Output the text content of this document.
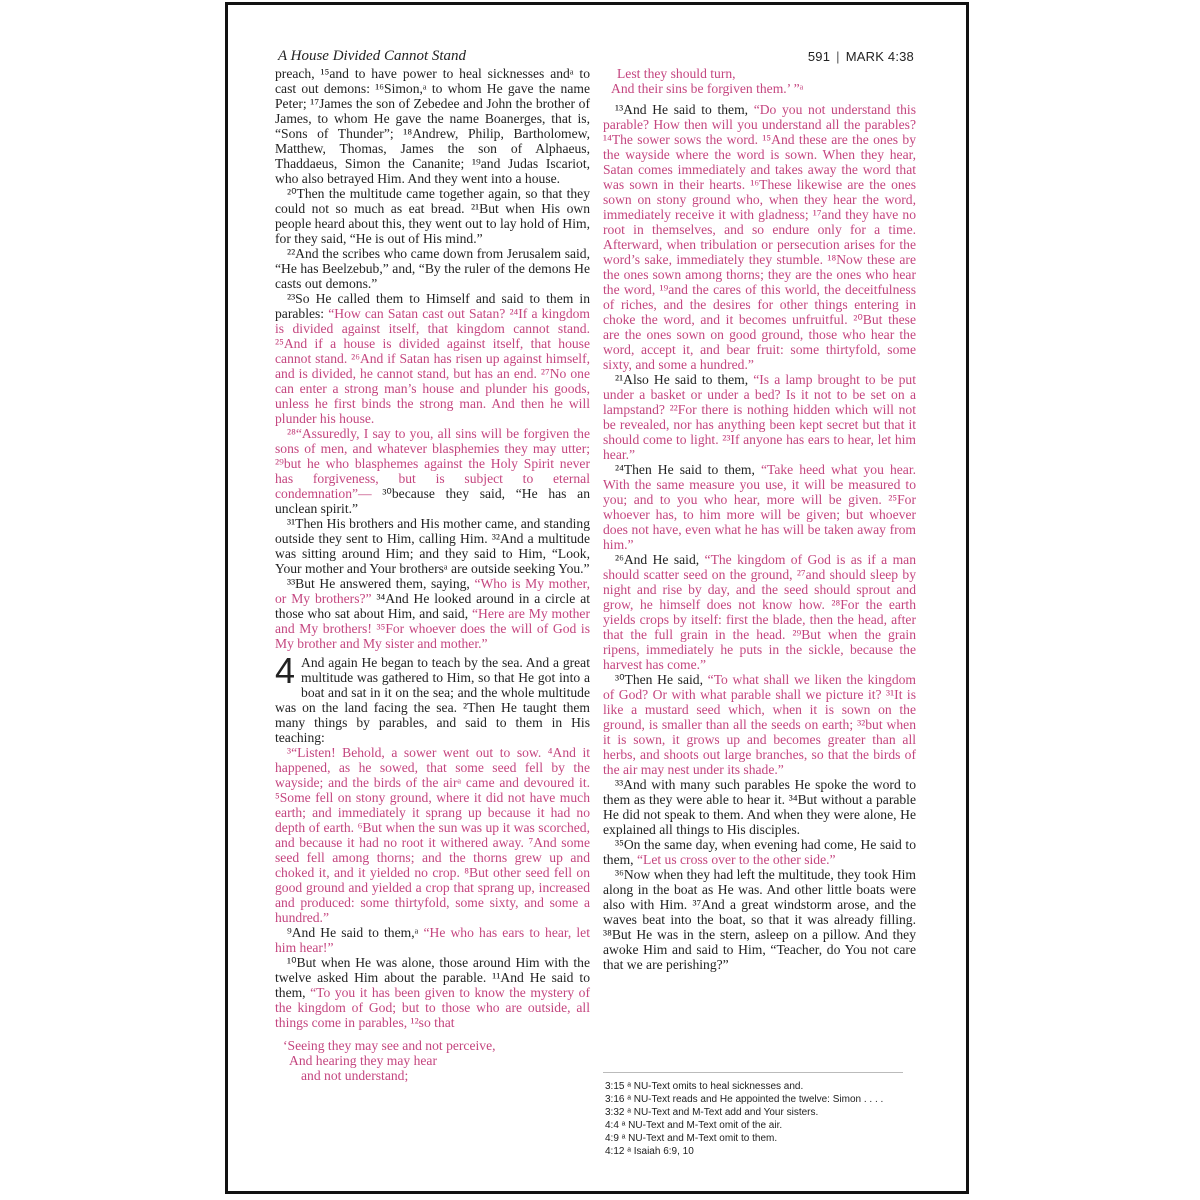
A House Divided Cannot Stand	591 | MARK 4:38

preach, ¹⁵and to have power to heal sicknesses andᵃ to cast out demons: ¹⁶Simon,ᵃ to whom He gave the name Peter; ¹⁷James the son of Zebedee and John the brother of James, to whom He gave the name Boanerges, that is, “Sons of Thunder”; ¹⁸Andrew, Philip, Bartholomew, Matthew, Thomas, James the son of Alphaeus, Thaddaeus, Simon the Cananite; ¹⁹and Judas Iscariot, who also betrayed Him. And they went into a house.

²⁰Then the multitude came together again, so that they could not so much as eat bread. ²¹But when His own people heard about this, they went out to lay hold of Him, for they said, “He is out of His mind.”

²²And the scribes who came down from Jerusalem said, “He has Beelzebub,” and, “By the ruler of the demons He casts out demons.”

²³So He called them to Himself and said to them in parables: “How can Satan cast out Satan? ²⁴If a kingdom is divided against itself, that kingdom cannot stand. ²⁵And if a house is divided against itself, that house cannot stand. ²⁶And if Satan has risen up against himself, and is divided, he cannot stand, but has an end. ²⁷No one can enter a strong man’s house and plunder his goods, unless he first binds the strong man. And then he will plunder his house.

²⁸“Assuredly, I say to you, all sins will be forgiven the sons of men, and whatever blasphemies they may utter; ²⁹but he who blasphemes against the Holy Spirit never has forgiveness, but is subject to eternal condemnation”— ³⁰because they said, “He has an unclean spirit.”

³¹Then His brothers and His mother came, and standing outside they sent to Him, calling Him. ³²And a multitude was sitting around Him; and they said to Him, “Look, Your mother and Your brothersᵃ are outside seeking You.”

³³But He answered them, saying, “Who is My mother, or My brothers?” ³⁴And He looked around in a circle at those who sat about Him, and said, “Here are My mother and My brothers! ³⁵For whoever does the will of God is My brother and My sister and mother.”

4 And again He began to teach by the sea. And a great multitude was gathered to Him, so that He got into a boat and sat in it on the sea; and the whole multitude was on the land facing the sea. ²Then He taught them many things by parables, and said to them in His teaching:

³“Listen! Behold, a sower went out to sow. ⁴And it happened, as he sowed, that some seed fell by the wayside; and the birds of the airᵃ came and devoured it. ⁵Some fell on stony ground, where it did not have much earth; and immediately it sprang up because it had no depth of earth. ⁶But when the sun was up it was scorched, and because it had no root it withered away. ⁷And some seed fell among thorns; and the thorns grew up and choked it, and it yielded no crop. ⁸But other seed fell on good ground and yielded a crop that sprang up, increased and produced: some thirtyfold, some sixty, and some a hundred.”

⁹And He said to them,ᵃ “He who has ears to hear, let him hear!”

¹⁰But when He was alone, those around Him with the twelve asked Him about the parable. ¹¹And He said to them, “To you it has been given to know the mystery of the kingdom of God; but to those who are outside, all things come in parables, ¹²so that

‘Seeing they may see and not perceive,
And hearing they may hear
and not understand;
Lest they should turn,
And their sins be forgiven them.’ ”ᵃ

¹³And He said to them, “Do you not understand this parable? How then will you understand all the parables? ¹⁴The sower sows the word. ¹⁵And these are the ones by the wayside where the word is sown. When they hear, Satan comes immediately and takes away the word that was sown in their hearts. ¹⁶These likewise are the ones sown on stony ground who, when they hear the word, immediately receive it with gladness; ¹⁷and they have no root in themselves, and so endure only for a time. Afterward, when tribulation or persecution arises for the word’s sake, immediately they stumble. ¹⁸Now these are the ones sown among thorns; they are the ones who hear the word, ¹⁹and the cares of this world, the deceitfulness of riches, and the desires for other things entering in choke the word, and it becomes unfruitful. ²⁰But these are the ones sown on good ground, those who hear the word, accept it, and bear fruit: some thirtyfold, some sixty, and some a hundred.”

²¹Also He said to them, “Is a lamp brought to be put under a basket or under a bed? Is it not to be set on a lampstand? ²²For there is nothing hidden which will not be revealed, nor has anything been kept secret but that it should come to light. ²³If anyone has ears to hear, let him hear.”

²⁴Then He said to them, “Take heed what you hear. With the same measure you use, it will be measured to you; and to you who hear, more will be given. ²⁵For whoever has, to him more will be given; but whoever does not have, even what he has will be taken away from him.”

²⁶And He said, “The kingdom of God is as if a man should scatter seed on the ground, ²⁷and should sleep by night and rise by day, and the seed should sprout and grow, he himself does not know how. ²⁸For the earth yields crops by itself: first the blade, then the head, after that the full grain in the head. ²⁹But when the grain ripens, immediately he puts in the sickle, because the harvest has come.”

³⁰Then He said, “To what shall we liken the kingdom of God? Or with what parable shall we picture it? ³¹It is like a mustard seed which, when it is sown on the ground, is smaller than all the seeds on earth; ³²but when it is sown, it grows up and becomes greater than all herbs, and shoots out large branches, so that the birds of the air may nest under its shade.”

³³And with many such parables He spoke the word to them as they were able to hear it. ³⁴But without a parable He did not speak to them. And when they were alone, He explained all things to His disciples.

³⁵On the same day, when evening had come, He said to them, “Let us cross over to the other side.”

³⁶Now when they had left the multitude, they took Him along in the boat as He was. And other little boats were also with Him. ³⁷And a great windstorm arose, and the waves beat into the boat, so that it was already filling. ³⁸But He was in the stern, asleep on a pillow. And they awoke Him and said to Him, “Teacher, do You not care that we are perishing?”

3:15 ᵃ NU-Text omits to heal sicknesses and.
3:16 ᵃ NU-Text reads and He appointed the twelve: Simon . . . .
3:32 ᵃ NU-Text and M-Text add and Your sisters.
4:4 ᵃ NU-Text and M-Text omit of the air.
4:9 ᵃ NU-Text and M-Text omit to them.
4:12 ᵃ Isaiah 6:9, 10
